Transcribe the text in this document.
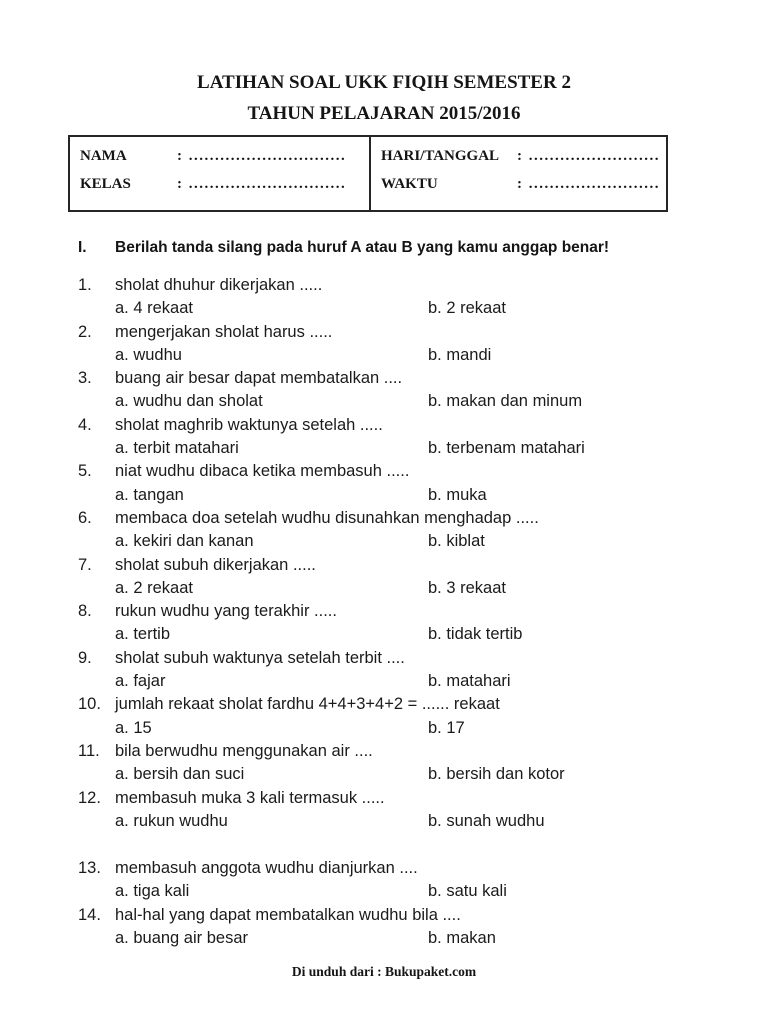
LATIHAN SOAL UKK FIQIH SEMESTER 2
TAHUN PELAJARAN 2015/2016
NAMA	: ..............................
KELAS	: ..............................
HARI/TANGGAL	: .........................
WAKTU	: .........................
I. Berilah tanda silang pada huruf A atau B yang kamu anggap benar!
1. sholat dhuhur dikerjakan .....
a. 4 rekaat	b. 2 rekaat
2. mengerjakan sholat harus .....
a. wudhu	b. mandi
3. buang air besar dapat membatalkan ....
a. wudhu dan sholat	b. makan dan minum
4. sholat maghrib waktunya setelah .....
a. terbit matahari	b. terbenam matahari
5. niat wudhu dibaca ketika membasuh .....
a. tangan	b. muka
6. membaca doa setelah wudhu disunahkan menghadap .....
a. kekiri dan kanan	b. kiblat
7. sholat subuh dikerjakan .....
a. 2 rekaat	b. 3 rekaat
8. rukun wudhu yang terakhir .....
a. tertib	b. tidak tertib
9. sholat subuh waktunya setelah terbit ....
a. fajar	b. matahari
10. jumlah rekaat sholat fardhu 4+4+3+4+2 = ...... rekaat
a. 15	b. 17
11. bila berwudhu menggunakan air ....
a. bersih dan suci	b. bersih dan kotor
12. membasuh muka 3 kali termasuk .....
a. rukun wudhu	b. sunah wudhu
13. membasuh anggota wudhu dianjurkan ....
a. tiga kali	b. satu kali
14. hal-hal yang dapat membatalkan wudhu bila ....
a. buang air besar	b. makan
Di unduh dari : Bukupaket.com
